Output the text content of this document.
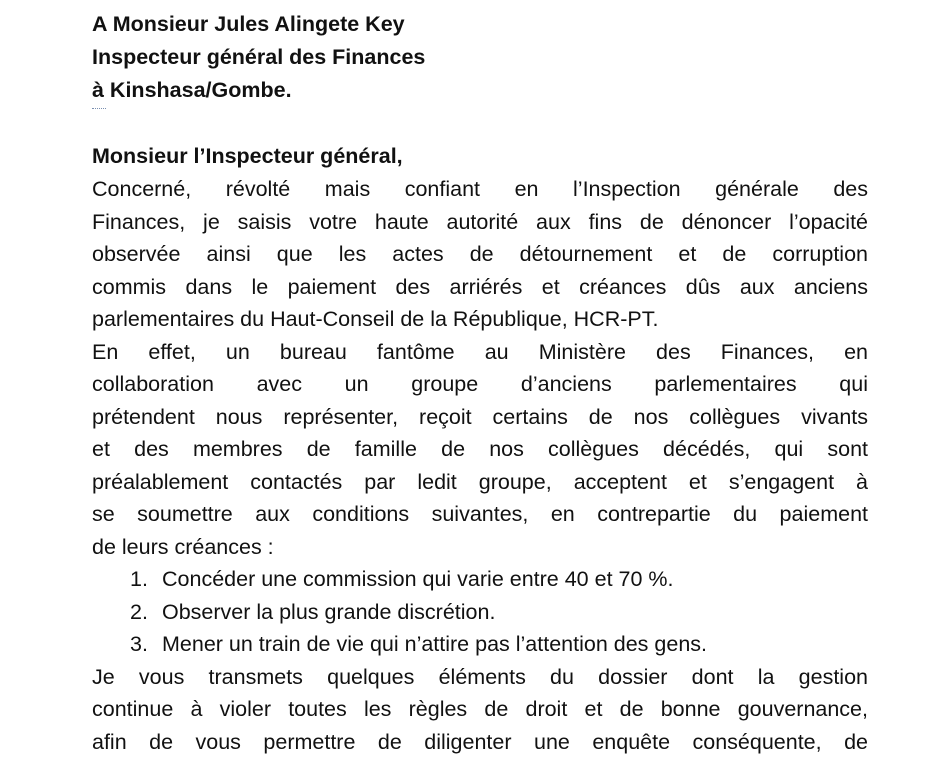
A Monsieur Jules Alingete Key
Inspecteur général des Finances
à Kinshasa/Gombe.
Monsieur l’Inspecteur général,
Concerné, révolté mais confiant en l’Inspection générale des
Finances, je saisis votre haute autorité aux fins de dénoncer l’opacité
observée ainsi que les actes de détournement et de corruption
commis dans le paiement des arriérés et créances dûs aux anciens
parlementaires du Haut-Conseil de la République, HCR-PT.
En effet, un bureau fantôme au Ministère des Finances, en
collaboration avec un groupe d’anciens parlementaires qui
prétendent nous représenter, reçoit certains de nos collègues vivants
et des membres de famille de nos collègues décédés, qui sont
préalablement contactés par ledit groupe, acceptent et s’engagent à
se soumettre aux conditions suivantes, en contrepartie du paiement
de leurs créances :
1. Concéder une commission qui varie entre 40 et 70 %.
2. Observer la plus grande discrétion.
3. Mener un train de vie qui n’attire pas l’attention des gens.
Je vous transmets quelques éléments du dossier dont la gestion
continue à violer toutes les règles de droit et de bonne gouvernance,
afin de vous permettre de diligenter une enquête conséquente, de
